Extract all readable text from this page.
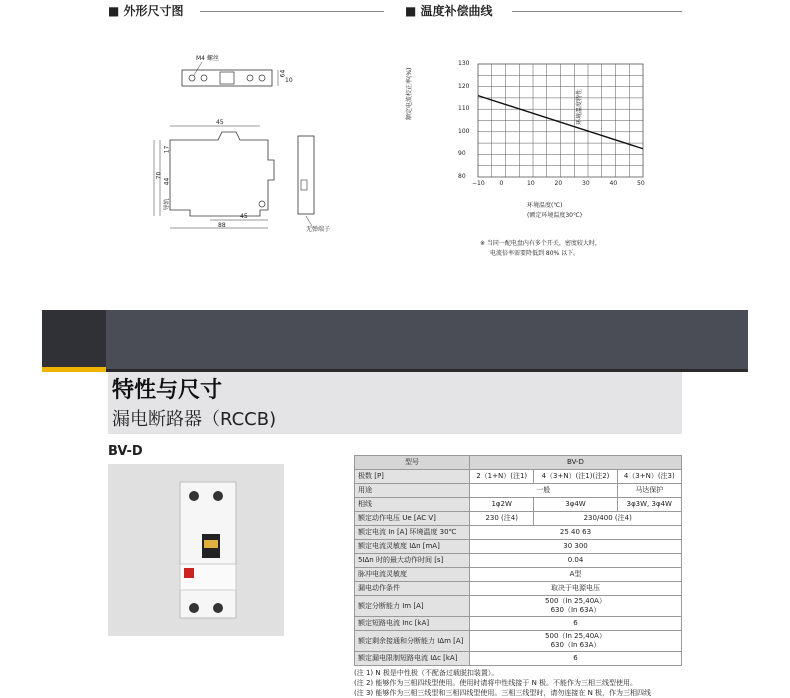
■ 外形尺寸图	■ 温度补偿曲线
M4 螺丝
45
70
44
17
45
88
64
10
无弹端子
导轨
130
120
110
100
90
80
−10 0	10	20	30	40	50
额定电流校正率(%)	环境温度特性
环境温度(℃)
(额定环境温度30℃)
※ 当同一配电盘内有多个开关，密度较大时，
电流倍率需要降低到 80% 以下。
特性与尺寸
漏电断路器（RCCB)
BV-D
型号	BV-D		
极数 [P]	2（1+N）(注1)	4（3+N）(注1)(注2)	4（3+N）(注3)
用途	一般		马达保护
相线	1φ2W	3φ4W	3φ3W, 3φ4W
额定动作电压 Ue [AC V]	230 (注4)	230/400 (注4)	
额定电流 In [A] 环境温度 30℃	25 40 63		
额定电流灵敏度 IΔn [mA]	30 300		
5IΔn 时的最大动作时间 [s]	0.04		
脉冲电流灵敏度	A型		
漏电动作条件	取决于电源电压		
额定分断能力 Im [A]	500（In 25,40A）
630（In 63A）		
额定短路电流 Inc [kA]	6		
额定剩余接通和分断能力 IΔm [A]	500（In 25,40A）
630（In 63A）		
额定漏电限制短路电流 IΔc [kA]	6		
(注 1) N 极是中性极（不配备过载脱扣装置）。
(注 2) 能够作为三相四线型使用。使用时请将中性线接于 N 极。不能作为三相三线型使用。
(注 3) 能够作为三相三线型和三相四线型使用。三相三线型时，请勿连接在 N 极，作为三相四线
